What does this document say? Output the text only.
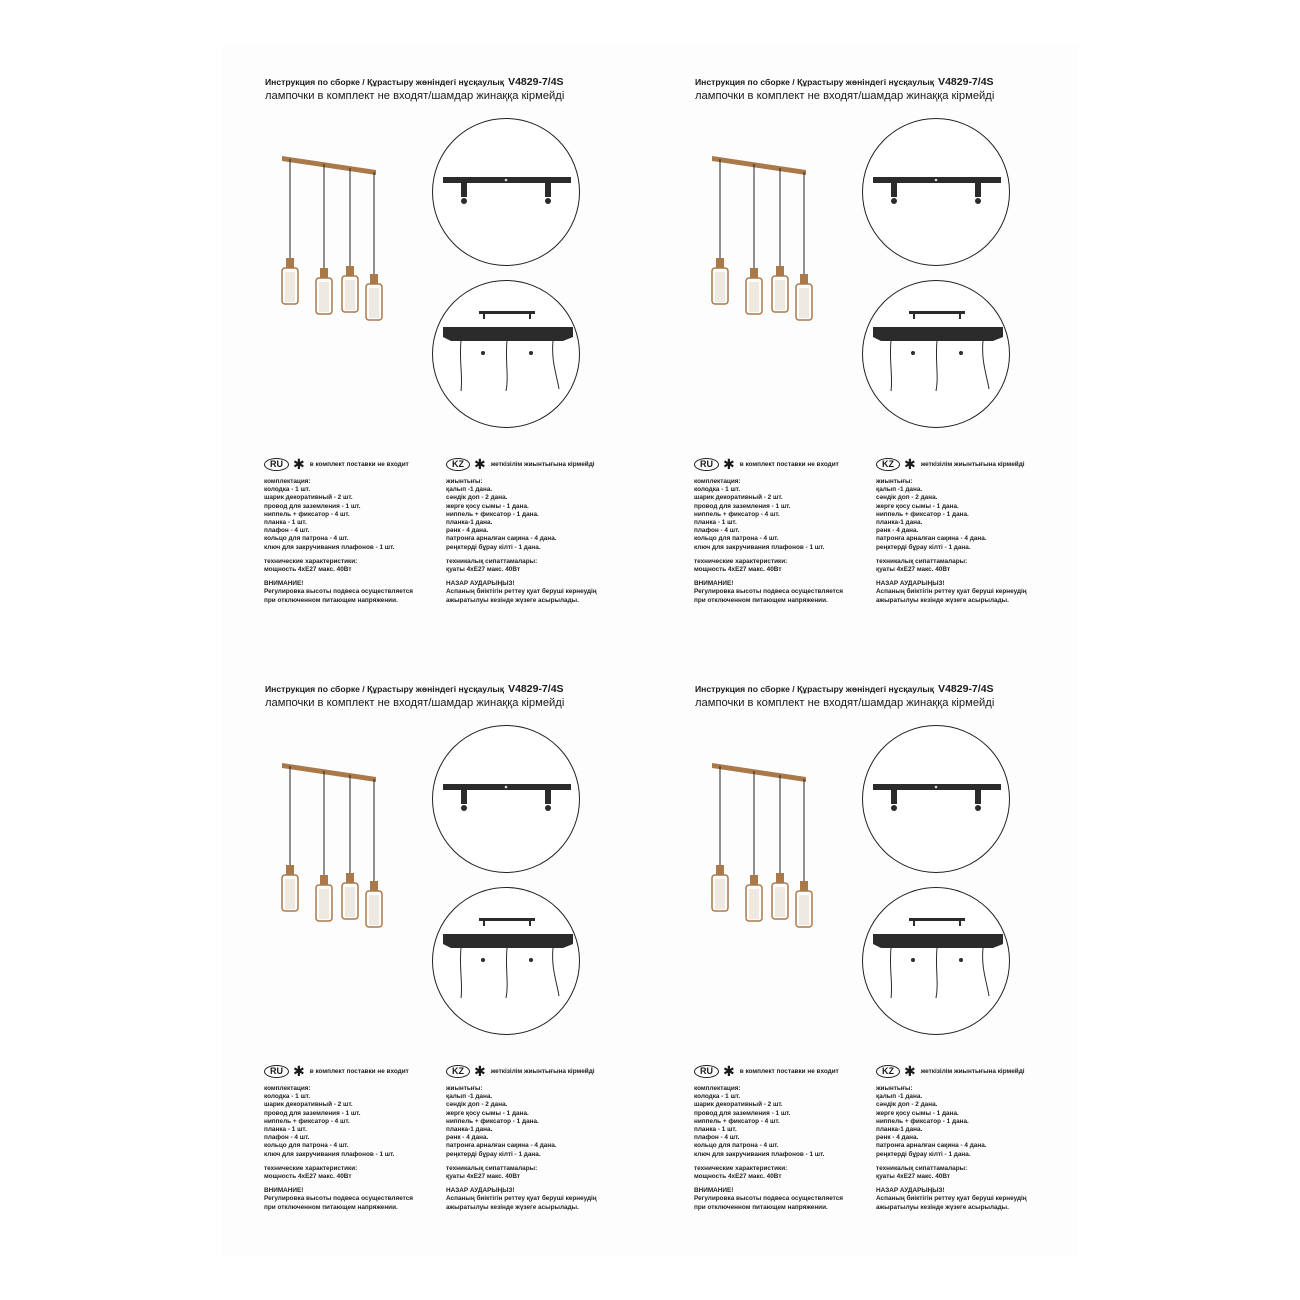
Инструкция по сборке / Құрастыру жөніндегі нұсқаулық V4829-7/4S
лампочки в комплект не входят/шамдар жинаққа кірмейді
RU ✱ в комплект поставки не входит	KZ ✱ жеткізілім жиынтығына кірмейді
комплектация:
колодка - 1 шт.
шарик декоративный - 2 шт.
провод для заземления - 1 шт.
ниппель + фиксатор - 4 шт.
планка - 1 шт.
плафон - 4 шт.
кольцо для патрона - 4 шт.
ключ для закручивания плафонов - 1 шт.
технические характеристики:
мощность 4хЕ27 макс. 40Вт
ВНИМАНИЕ!
Регулировка высоты подвеса осуществляется
при отключенном питающем напряжении.
жиынтығы:
қалып -1 дана.
сәндік доп - 2 дана.
жерге қосу сымы - 1 дана.
ниппель + фиксатор - 1 дана.
планка-1 дана.
рәнк - 4 дана.
патронға арналған сақина - 4 дана.
реңктерді бұрау кілті - 1 дана.
техникалық сипаттамалары:
қуаты 4хЕ27 макс. 40Вт
НАЗАР АУДАРЫҢЫЗ!
Аспаның биіктігін реттеу қуат беруші кернеудің
ажыратылуы кезінде жүзеге асырылады.
Инструкция по сборке / Құрастыру жөніндегі нұсқаулық V4829-7/4S
лампочки в комплект не входят/шамдар жинаққа кірмейді
RU ✱ в комплект поставки не входит	KZ ✱ жеткізілім жиынтығына кірмейді
комплектация:
колодка - 1 шт.
шарик декоративный - 2 шт.
провод для заземления - 1 шт.
ниппель + фиксатор - 4 шт.
планка - 1 шт.
плафон - 4 шт.
кольцо для патрона - 4 шт.
ключ для закручивания плафонов - 1 шт.
технические характеристики:
мощность 4хЕ27 макс. 40Вт
ВНИМАНИЕ!
Регулировка высоты подвеса осуществляется
при отключенном питающем напряжении.
жиынтығы:
қалып -1 дана.
сәндік доп - 2 дана.
жерге қосу сымы - 1 дана.
ниппель + фиксатор - 1 дана.
планка-1 дана.
рәнк - 4 дана.
патронға арналған сақина - 4 дана.
реңктерді бұрау кілті - 1 дана.
техникалық сипаттамалары:
қуаты 4хЕ27 макс. 40Вт
НАЗАР АУДАРЫҢЫЗ!
Аспаның биіктігін реттеу қуат беруші кернеудің
ажыратылуы кезінде жүзеге асырылады.
Инструкция по сборке / Құрастыру жөніндегі нұсқаулық V4829-7/4S
лампочки в комплект не входят/шамдар жинаққа кірмейді
RU ✱ в комплект поставки не входит	KZ ✱ жеткізілім жиынтығына кірмейді
комплектация:
колодка - 1 шт.
шарик декоративный - 2 шт.
провод для заземления - 1 шт.
ниппель + фиксатор - 4 шт.
планка - 1 шт.
плафон - 4 шт.
кольцо для патрона - 4 шт.
ключ для закручивания плафонов - 1 шт.
технические характеристики:
мощность 4хЕ27 макс. 40Вт
ВНИМАНИЕ!
Регулировка высоты подвеса осуществляется
при отключенном питающем напряжении.
жиынтығы:
қалып -1 дана.
сәндік доп - 2 дана.
жерге қосу сымы - 1 дана.
ниппель + фиксатор - 1 дана.
планка-1 дана.
рәнк - 4 дана.
патронға арналған сақина - 4 дана.
реңктерді бұрау кілті - 1 дана.
техникалық сипаттамалары:
қуаты 4хЕ27 макс. 40Вт
НАЗАР АУДАРЫҢЫЗ!
Аспаның биіктігін реттеу қуат беруші кернеудің
ажыратылуы кезінде жүзеге асырылады.
Инструкция по сборке / Құрастыру жөніндегі нұсқаулық V4829-7/4S
лампочки в комплект не входят/шамдар жинаққа кірмейді
RU ✱ в комплект поставки не входит	KZ ✱ жеткізілім жиынтығына кірмейді
комплектация:
колодка - 1 шт.
шарик декоративный - 2 шт.
провод для заземления - 1 шт.
ниппель + фиксатор - 4 шт.
планка - 1 шт.
плафон - 4 шт.
кольцо для патрона - 4 шт.
ключ для закручивания плафонов - 1 шт.
технические характеристики:
мощность 4хЕ27 макс. 40Вт
ВНИМАНИЕ!
Регулировка высоты подвеса осуществляется
при отключенном питающем напряжении.
жиынтығы:
қалып -1 дана.
сәндік доп - 2 дана.
жерге қосу сымы - 1 дана.
ниппель + фиксатор - 1 дана.
планка-1 дана.
рәнк - 4 дана.
патронға арналған сақина - 4 дана.
реңктерді бұрау кілті - 1 дана.
техникалық сипаттамалары:
қуаты 4хЕ27 макс. 40Вт
НАЗАР АУДАРЫҢЫЗ!
Аспаның биіктігін реттеу қуат беруші кернеудің
ажыратылуы кезінде жүзеге асырылады.
